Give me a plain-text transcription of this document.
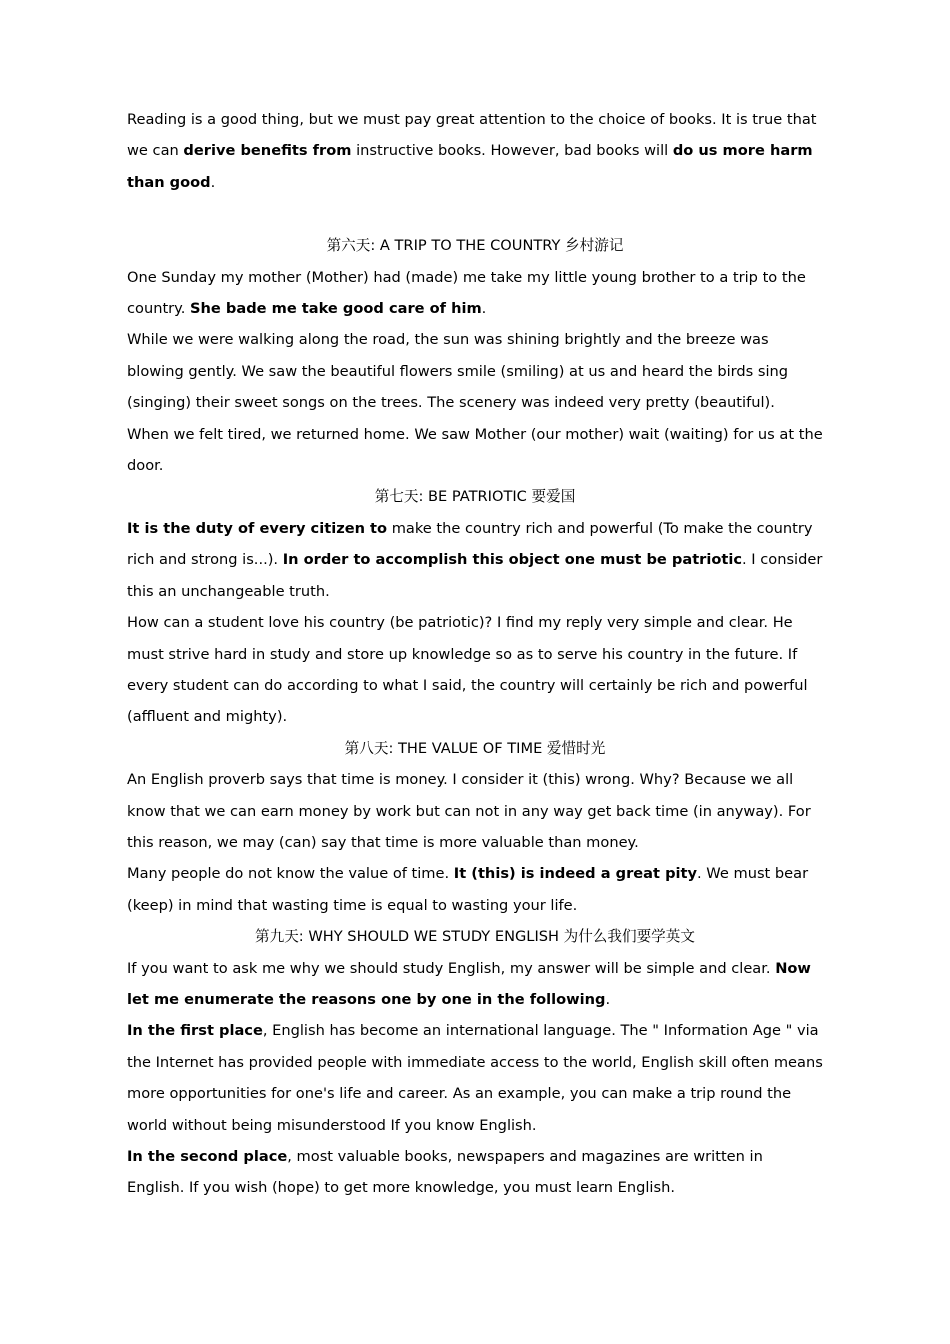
Reading is a good thing, but we must pay great attention to the choice of books. It is true that we can derive benefits from instructive books. However, bad books will do us more harm than good.

第六天: A TRIP TO THE COUNTRY 乡村游记

One Sunday my mother (Mother) had (made) me take my little young brother to a trip to the country. She bade me take good care of him.

While we were walking along the road, the sun was shining brightly and the breeze was blowing gently. We saw the beautiful flowers smile (smiling) at us and heard the birds sing (singing) their sweet songs on the trees. The scenery was indeed very pretty (beautiful).

When we felt tired, we returned home. We saw Mother (our mother) wait (waiting) for us at the door.

第七天: BE PATRIOTIC 要爱国

It is the duty of every citizen to make the country rich and powerful (To make the country rich and strong is...). In order to accomplish this object one must be patriotic. I consider this an unchangeable truth.

How can a student love his country (be patriotic)? I find my reply very simple and clear. He must strive hard in study and store up knowledge so as to serve his country in the future. If every student can do according to what I said, the country will certainly be rich and powerful (affluent and mighty).

第八天: THE VALUE OF TIME 爱惜时光

An English proverb says that time is money. I consider it (this) wrong. Why? Because we all know that we can earn money by work but can not in any way get back time (in anyway). For this reason, we may (can) say that time is more valuable than money.

Many people do not know the value of time. It (this) is indeed a great pity. We must bear (keep) in mind that wasting time is equal to wasting your life.

第九天: WHY SHOULD WE STUDY ENGLISH 为什么我们要学英文

If you want to ask me why we should study English, my answer will be simple and clear. Now let me enumerate the reasons one by one in the following.

In the first place, English has become an international language. The " Information Age " via the Internet has provided people with immediate access to the world, English skill often means more opportunities for one's life and career. As an example, you can make a trip round the world without being misunderstood If you know English.

In the second place, most valuable books, newspapers and magazines are written in English. If you wish (hope) to get more knowledge, you must learn English.
